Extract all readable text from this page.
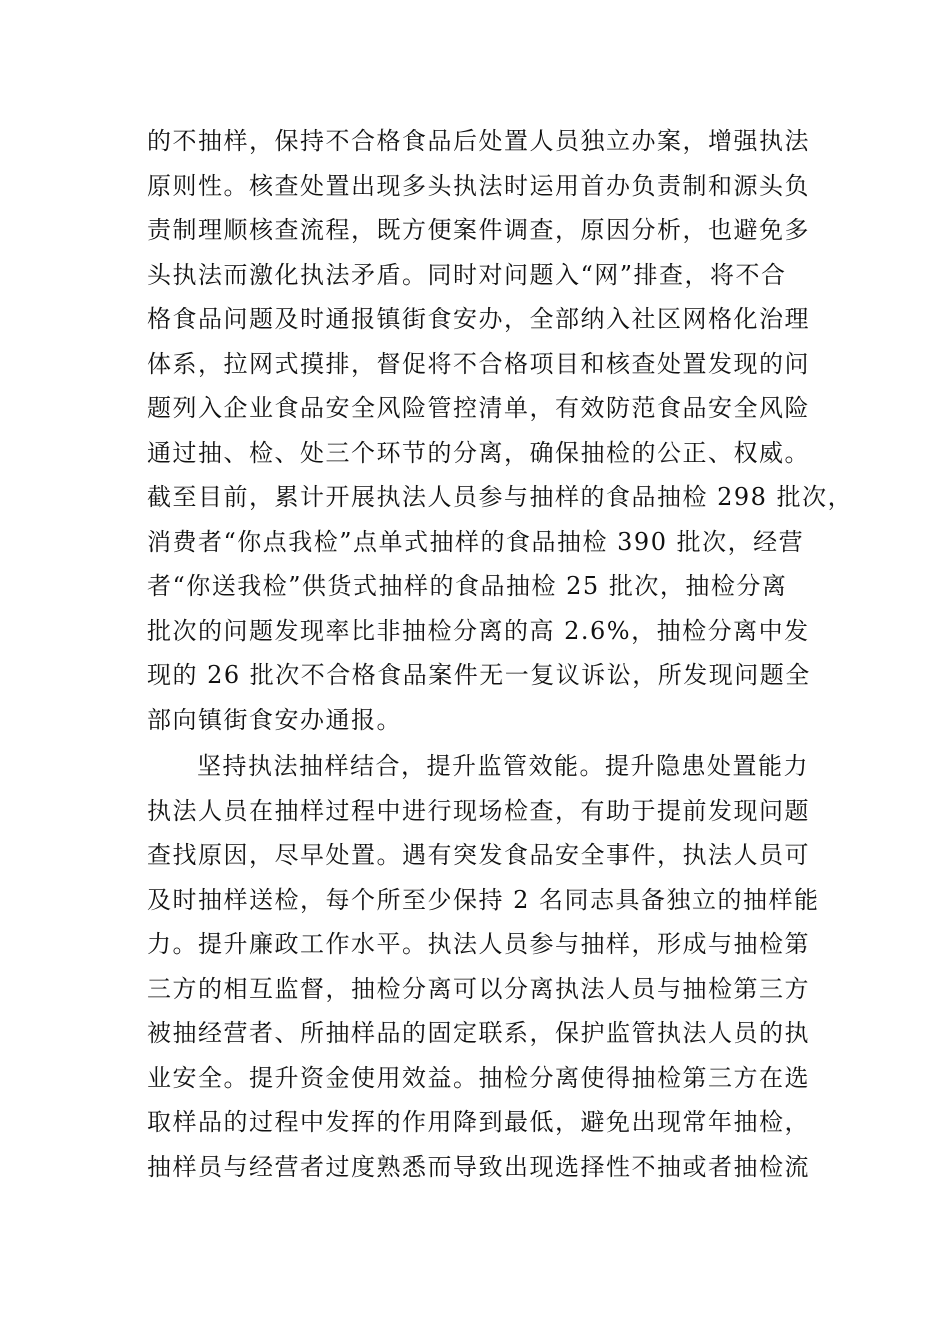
的不抽样，保持不合格食品后处置人员独立办案，增强执法
原则性。核查处置出现多头执法时运用首办负责制和源头负
责制理顺核查流程，既方便案件调查，原因分析，也避免多
头执法而激化执法矛盾。同时对问题入“网”排查，将不合
格食品问题及时通报镇街食安办，全部纳入社区网格化治理
体系，拉网式摸排，督促将不合格项目和核查处置发现的问
题列入企业食品安全风险管控清单，有效防范食品安全风险
通过抽、检、处三个环节的分离，确保抽检的公正、权威。
截至目前，累计开展执法人员参与抽样的食品抽检 298 批次，
消费者“你点我检”点单式抽样的食品抽检 390 批次，经营
者“你送我检”供货式抽样的食品抽检 25 批次，抽检分离
批次的问题发现率比非抽检分离的高 2.6%，抽检分离中发
现的 26 批次不合格食品案件无一复议诉讼，所发现问题全
部向镇街食安办通报。
坚持执法抽样结合，提升监管效能。提升隐患处置能力
执法人员在抽样过程中进行现场检查，有助于提前发现问题
查找原因，尽早处置。遇有突发食品安全事件，执法人员可
及时抽样送检，每个所至少保持 2 名同志具备独立的抽样能
力。提升廉政工作水平。执法人员参与抽样，形成与抽检第
三方的相互监督，抽检分离可以分离执法人员与抽检第三方
被抽经营者、所抽样品的固定联系，保护监管执法人员的执
业安全。提升资金使用效益。抽检分离使得抽检第三方在选
取样品的过程中发挥的作用降到最低，避免出现常年抽检，
抽样员与经营者过度熟悉而导致出现选择性不抽或者抽检流
